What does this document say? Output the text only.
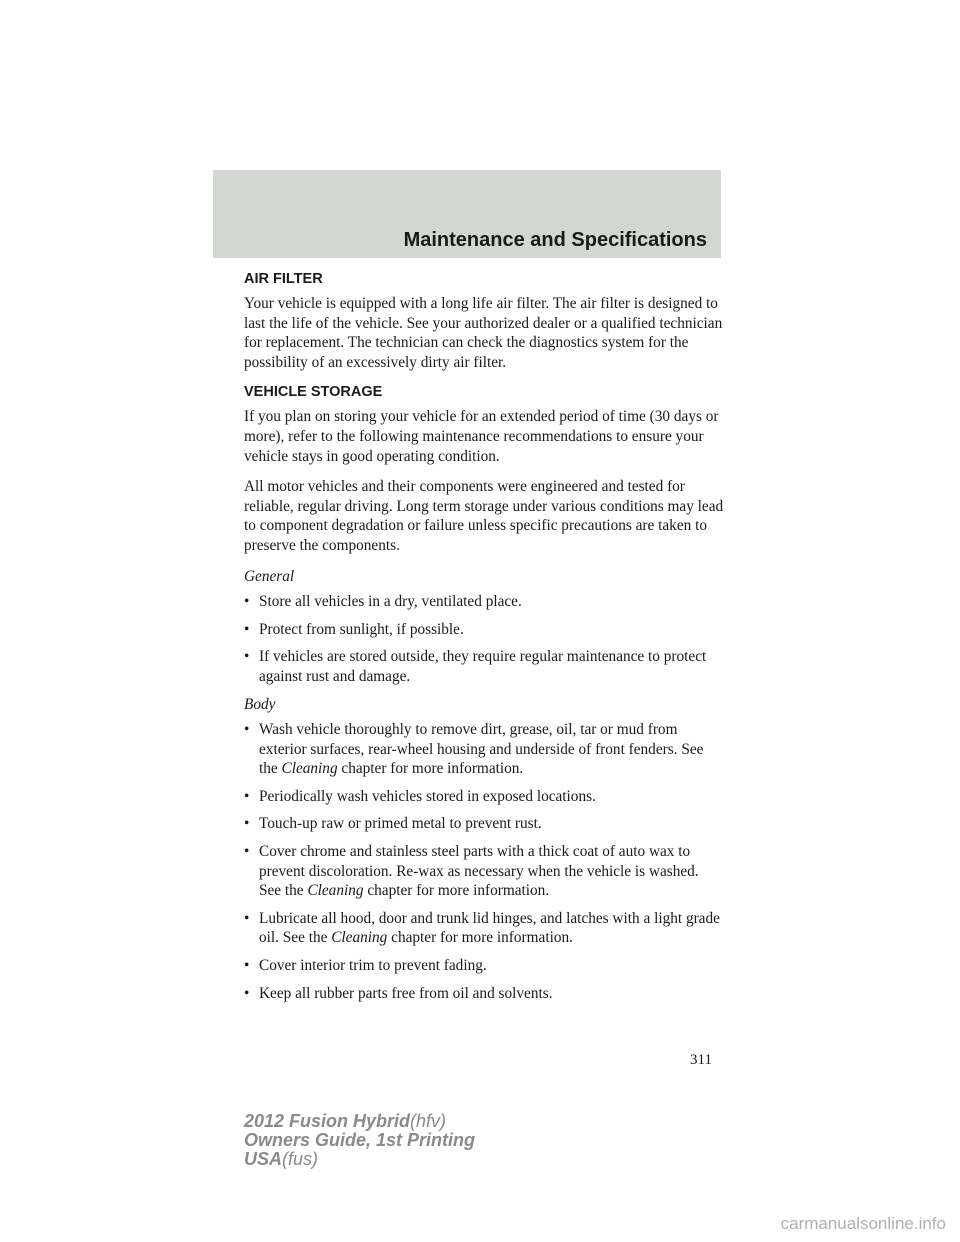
Maintenance and Specifications
AIR FILTER

Your vehicle is equipped with a long life air filter. The air filter is designed to last the life of the vehicle. See your authorized dealer or a qualified technician for replacement. The technician can check the diagnostics system for the possibility of an excessively dirty air filter.

VEHICLE STORAGE

If you plan on storing your vehicle for an extended period of time (30 days or more), refer to the following maintenance recommendations to ensure your vehicle stays in good operating condition.

All motor vehicles and their components were engineered and tested for reliable, regular driving. Long term storage under various conditions may lead to component degradation or failure unless specific precautions are taken to preserve the components.

General

• Store all vehicles in a dry, ventilated place.
• Protect from sunlight, if possible.
• If vehicles are stored outside, they require regular maintenance to protect against rust and damage.

Body

• Wash vehicle thoroughly to remove dirt, grease, oil, tar or mud from exterior surfaces, rear-wheel housing and underside of front fenders. See the Cleaning chapter for more information.
• Periodically wash vehicles stored in exposed locations.
• Touch-up raw or primed metal to prevent rust.
• Cover chrome and stainless steel parts with a thick coat of auto wax to prevent discoloration. Re-wax as necessary when the vehicle is washed. See the Cleaning chapter for more information.
• Lubricate all hood, door and trunk lid hinges, and latches with a light grade oil. See the Cleaning chapter for more information.
• Cover interior trim to prevent fading.
• Keep all rubber parts free from oil and solvents.
311
2012 Fusion Hybrid(hfv)
Owners Guide, 1st Printing
USA(fus)
carmanualsonline.info
